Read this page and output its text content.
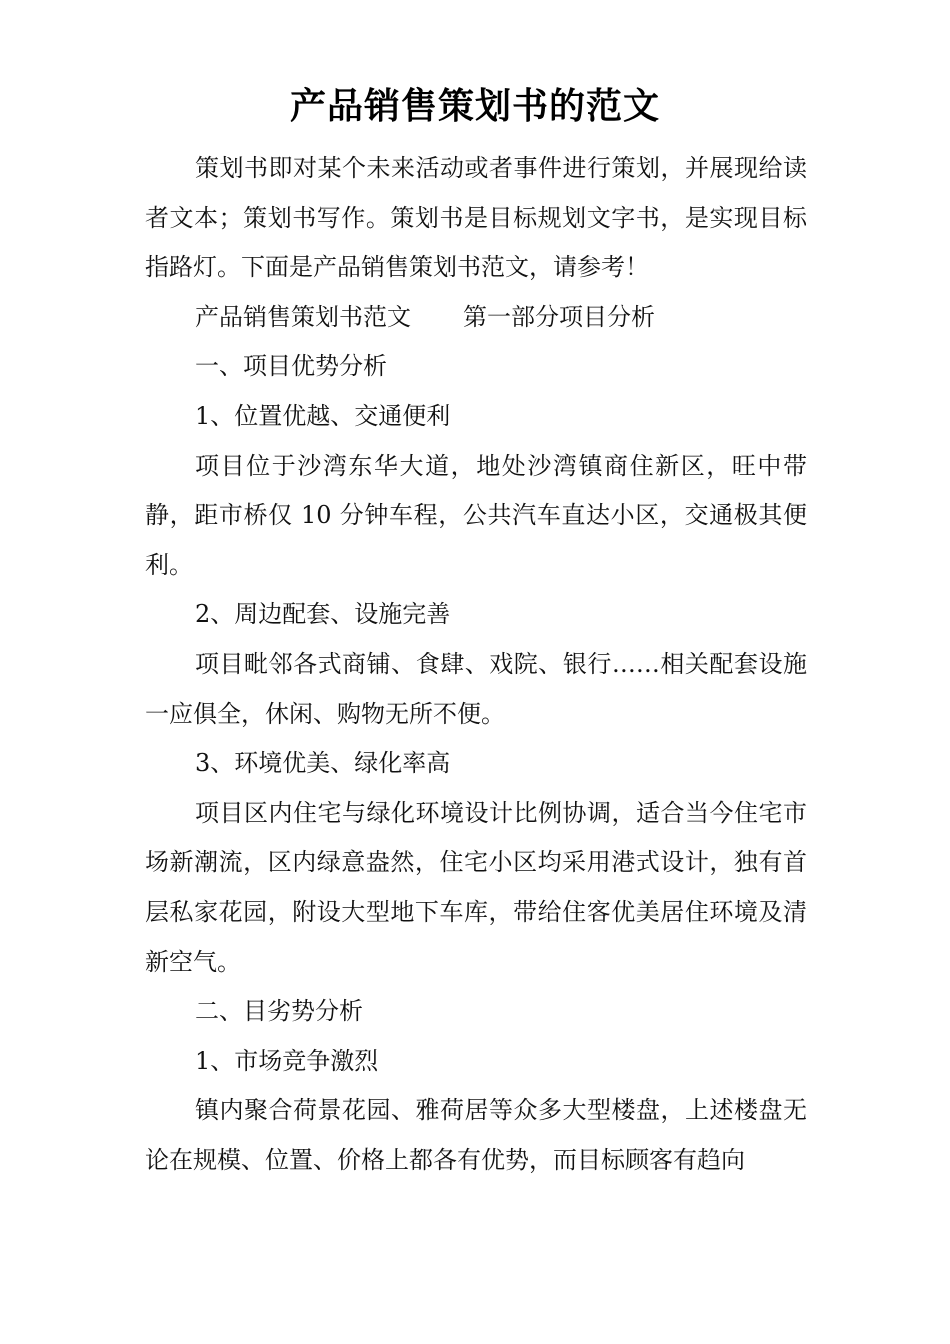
产品销售策划书的范文

策划书即对某个未来活动或者事件进行策划，并展现给读者文本；策划书写作。策划书是目标规划文字书，是实现目标指路灯。下面是产品销售策划书范文，请参考！

产品销售策划书范文 第一部分项目分析

一、项目优势分析

1、位置优越、交通便利

项目位于沙湾东华大道，地处沙湾镇商住新区，旺中带静，距市桥仅 10 分钟车程，公共汽车直达小区，交通极其便利。

2、周边配套、设施完善

项目毗邻各式商铺、食肆、戏院、银行……相关配套设施一应俱全，休闲、购物无所不便。

3、环境优美、绿化率高

项目区内住宅与绿化环境设计比例协调，适合当今住宅市场新潮流，区内绿意盎然，住宅小区均采用港式设计，独有首层私家花园，附设大型地下车库，带给住客优美居住环境及清新空气。

二、目劣势分析

1、市场竞争激烈

镇内聚合荷景花园、雅荷居等众多大型楼盘，上述楼盘无论在规模、位置、价格上都各有优势，而目标顾客有趋向
